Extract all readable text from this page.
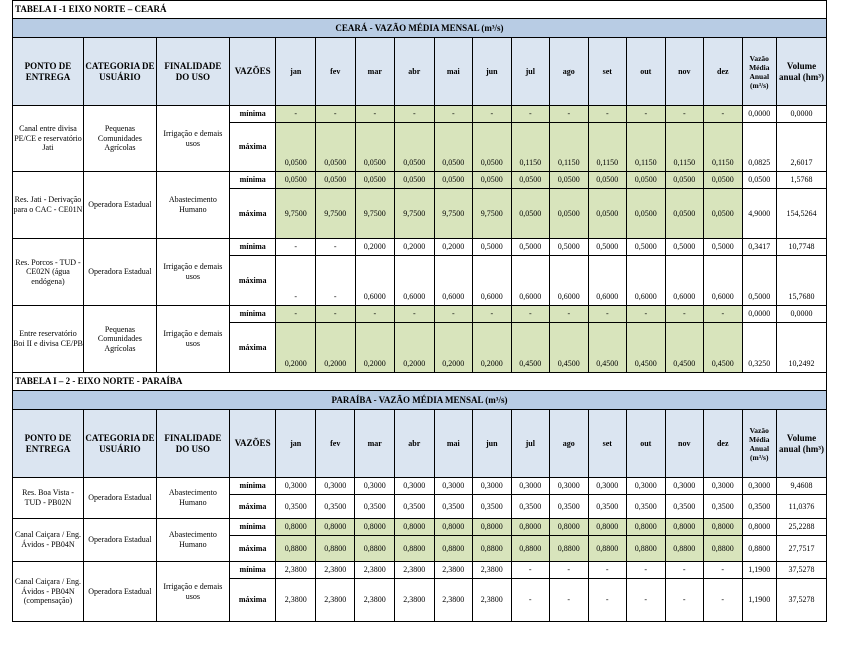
TABELA I -1 EIXO NORTE – CEARÁ																	
CEARÁ - VAZÃO MÉDIA MENSAL (m³/s)																	
PONTO DE ENTREGA	CATEGORIA DE USUÁRIO	FINALIDADE DO USO	VAZÕES	jan	fev	mar	abr	mai	jun	jul	ago	set	out	nov	dez	Vazão Média Anual (m³/s)	Volume anual (hm³)
Canal entre divisa PE/CE e reservatório Jati	Pequenas Comunidades Agrícolas	Irrigação e demais usos	mínima	-	-	-	-	-	-	-	-	-	-	-	-	0,0000	0,0000
			máxima	0,0500	0,0500	0,0500	0,0500	0,0500	0,0500	0,1150	0,1150	0,1150	0,1150	0,1150	0,1150	0,0825	2,6017
Res. Jati - Derivação para o CAC - CE01N	Operadora Estadual	Abastecimento Humano	mínima	0,0500	0,0500	0,0500	0,0500	0,0500	0,0500	0,0500	0,0500	0,0500	0,0500	0,0500	0,0500	0,0500	1,5768
			máxima	9,7500	9,7500	9,7500	9,7500	9,7500	9,7500	0,0500	0,0500	0,0500	0,0500	0,0500	0,0500	4,9000	154,5264
Res. Porcos - TUD -CE02N (água endógena)	Operadora Estadual	Irrigação e demais usos	mínima	-	-	0,2000	0,2000	0,2000	0,5000	0,5000	0,5000	0,5000	0,5000	0,5000	0,5000	0,3417	10,7748
			máxima	-	-	0,6000	0,6000	0,6000	0,6000	0,6000	0,6000	0,6000	0,6000	0,6000	0,6000	0,5000	15,7680
Entre reservatório Boi II e divisa CE/PB	Pequenas Comunidades Agrícolas	Irrigação e demais usos	mínima	-	-	-	-	-	-	-	-	-	-	-	-	0,0000	0,0000
			máxima	0,2000	0,2000	0,2000	0,2000	0,2000	0,2000	0,4500	0,4500	0,4500	0,4500	0,4500	0,4500	0,3250	10,2492
TABELA I – 2 - EIXO NORTE - PARAÍBA																	
PARAÍBA - VAZÃO MÉDIA MENSAL (m³/s)																	
PONTO DE ENTREGA	CATEGORIA DE USUÁRIO	FINALIDADE DO USO	VAZÕES	jan	fev	mar	abr	mai	jun	jul	ago	set	out	nov	dez	Vazão Média Anual (m³/s)	Volume anual (hm³)
Res. Boa Vista - TUD - PB02N	Operadora Estadual	Abastecimento Humano	mínima	0,3000	0,3000	0,3000	0,3000	0,3000	0,3000	0,3000	0,3000	0,3000	0,3000	0,3000	0,3000	0,3000	9,4608
			máxima	0,3500	0,3500	0,3500	0,3500	0,3500	0,3500	0,3500	0,3500	0,3500	0,3500	0,3500	0,3500	0,3500	11,0376
Canal Caiçara / Eng. Ávidos - PB04N	Operadora Estadual	Abastecimento Humano	mínima	0,8000	0,8000	0,8000	0,8000	0,8000	0,8000	0,8000	0,8000	0,8000	0,8000	0,8000	0,8000	0,8000	25,2288
			máxima	0,8800	0,8800	0,8800	0,8800	0,8800	0,8800	0,8800	0,8800	0,8800	0,8800	0,8800	0,8800	0,8800	27,7517
Canal Caiçara / Eng. Ávidos - PB04N (compensação)	Operadora Estadual	Irrigação e demais usos	mínima	2,3800	2,3800	2,3800	2,3800	2,3800	2,3800	-	-	-	-	-	-	1,1900	37,5278
			máxima	2,3800	2,3800	2,3800	2,3800	2,3800	2,3800	-	-	-	-	-	-	1,1900	37,5278
